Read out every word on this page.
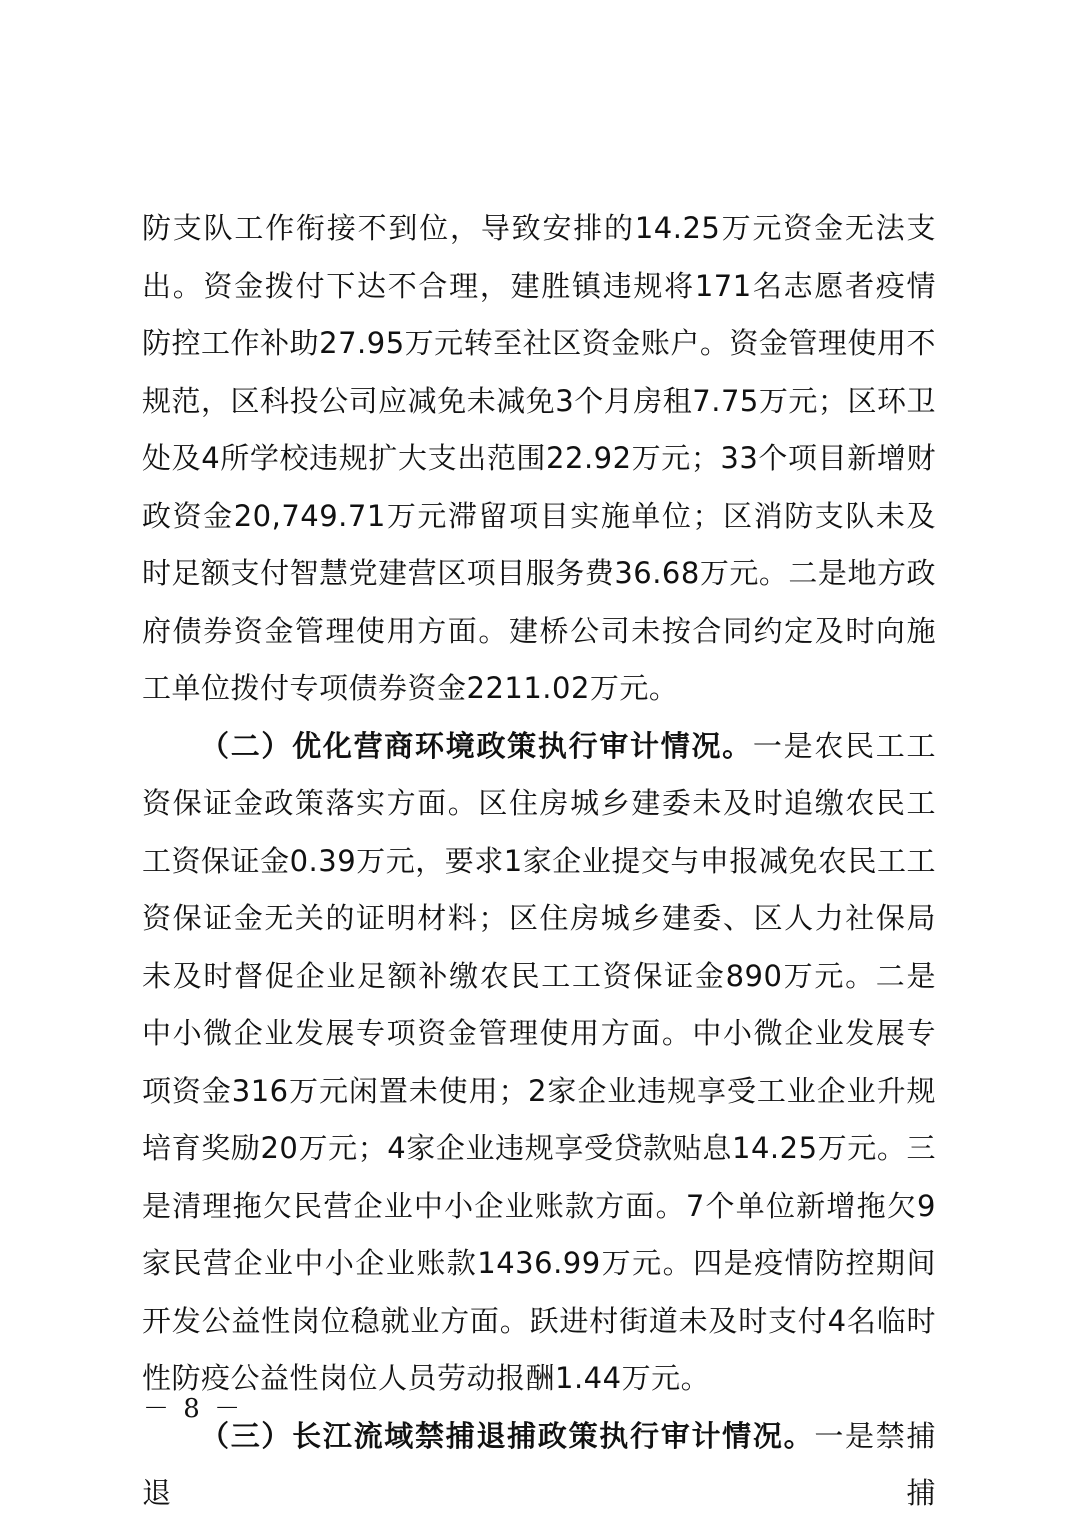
防支队工作衔接不到位，导致安排的14.25万元资金无法支出。资金拨付下达不合理，建胜镇违规将171名志愿者疫情防控工作补助27.95万元转至社区资金账户。资金管理使用不规范，区科投公司应减免未减免3个月房租7.75万元；区环卫处及4所学校违规扩大支出范围22.92万元；33个项目新增财政资金20,749.71万元滞留项目实施单位；区消防支队未及时足额支付智慧党建营区项目服务费36.68万元。二是地方政府债券资金管理使用方面。建桥公司未按合同约定及时向施工单位拨付专项债券资金2211.02万元。

（二）优化营商环境政策执行审计情况。一是农民工工资保证金政策落实方面。区住房城乡建委未及时追缴农民工工资保证金0.39万元，要求1家企业提交与申报减免农民工工资保证金无关的证明材料；区住房城乡建委、区人力社保局未及时督促企业足额补缴农民工工资保证金890万元。二是中小微企业发展专项资金管理使用方面。中小微企业发展专项资金316万元闲置未使用；2家企业违规享受工业企业升规培育奖励20万元；4家企业违规享受贷款贴息14.25万元。三是清理拖欠民营企业中小企业账款方面。7个单位新增拖欠9家民营企业中小企业账款1436.99万元。四是疫情防控期间开发公益性岗位稳就业方面。跃进村街道未及时支付4名临时性防疫公益性岗位人员劳动报酬1.44万元。

（三）长江流域禁捕退捕政策执行审计情况。一是禁捕退捕

－ 8 －
